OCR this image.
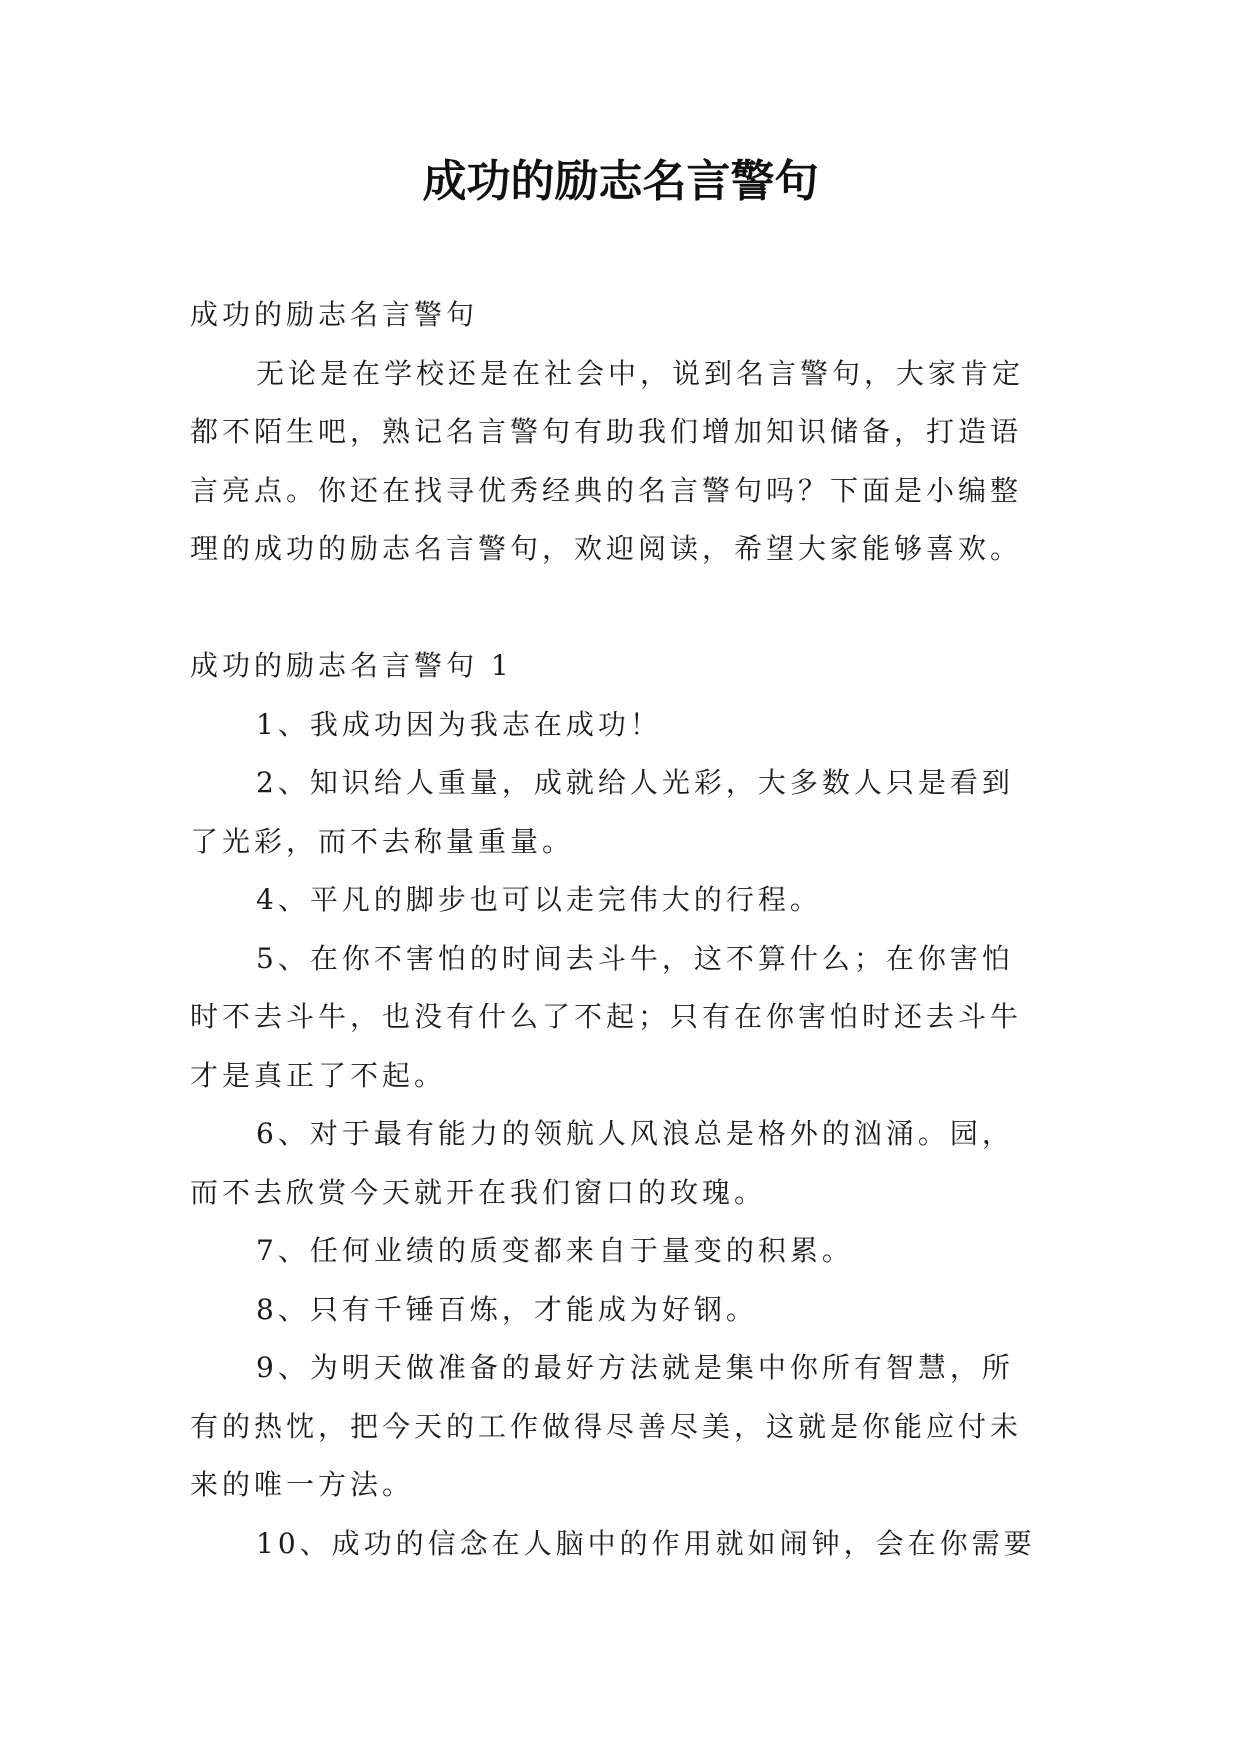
成功的励志名言警句

成功的励志名言警句

无论是在学校还是在社会中，说到名言警句，大家肯定

都不陌生吧，熟记名言警句有助我们增加知识储备，打造语

言亮点。你还在找寻优秀经典的名言警句吗？下面是小编整

理的成功的励志名言警句，欢迎阅读，希望大家能够喜欢。

成功的励志名言警句 1

1、我成功因为我志在成功！

2、知识给人重量，成就给人光彩，大多数人只是看到

了光彩，而不去称量重量。

4、平凡的脚步也可以走完伟大的行程。

5、在你不害怕的时间去斗牛，这不算什么；在你害怕

时不去斗牛，也没有什么了不起；只有在你害怕时还去斗牛

才是真正了不起。

6、对于最有能力的领航人风浪总是格外的汹涌。园，

而不去欣赏今天就开在我们窗口的玫瑰。

7、任何业绩的质变都来自于量变的积累。

8、只有千锤百炼，才能成为好钢。

9、为明天做准备的最好方法就是集中你所有智慧，所

有的热忱，把今天的工作做得尽善尽美，这就是你能应付未

来的唯一方法。

10、成功的信念在人脑中的作用就如闹钟，会在你需要
